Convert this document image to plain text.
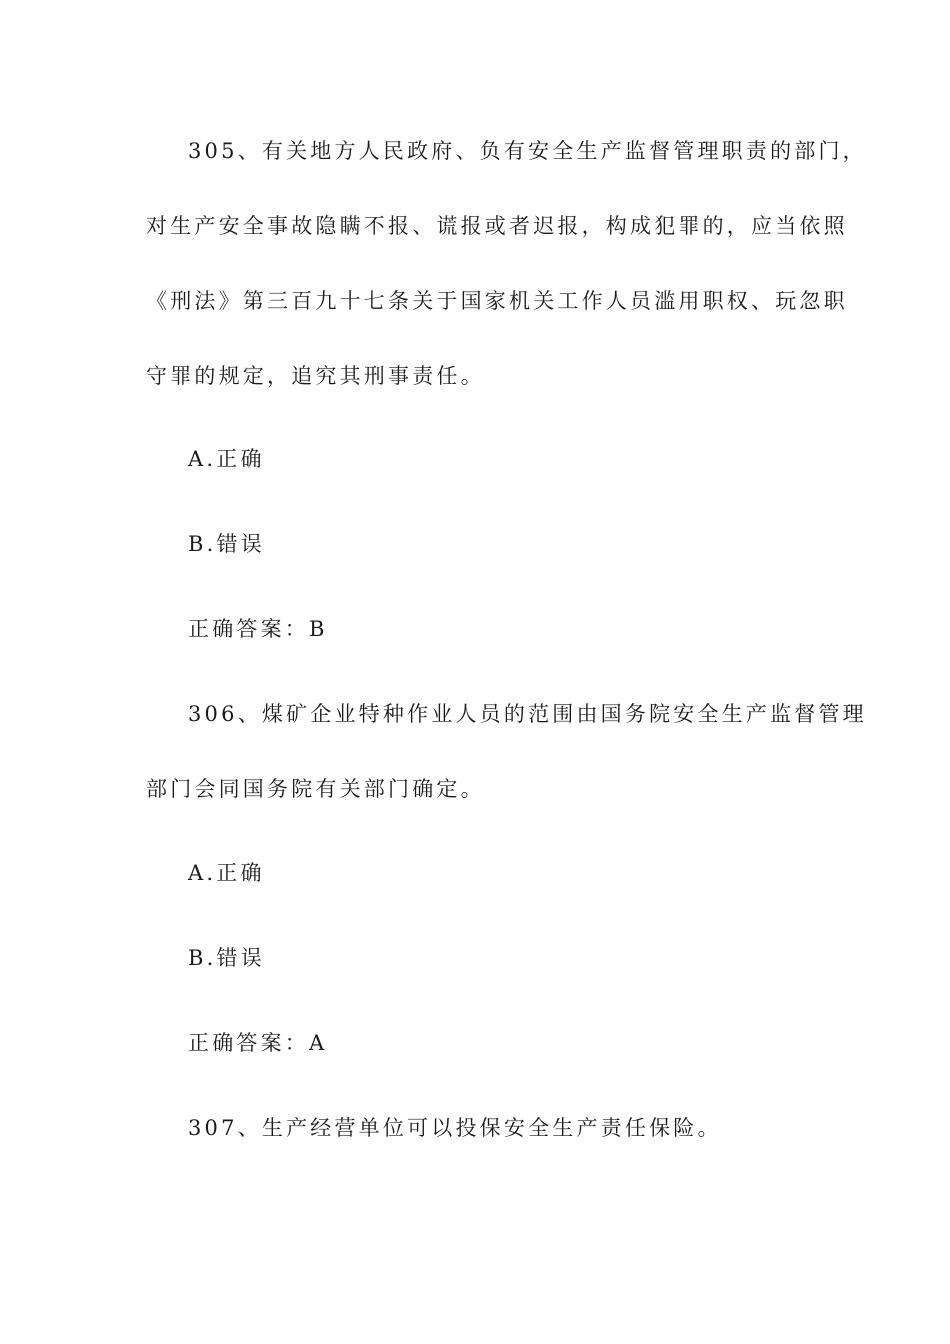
305、有关地方人民政府、负有安全生产监督管理职责的部门，
对生产安全事故隐瞒不报、谎报或者迟报，构成犯罪的，应当依照
《刑法》第三百九十七条关于国家机关工作人员滥用职权、玩忽职
守罪的规定，追究其刑事责任。
A.正确
B.错误
正确答案：B
306、煤矿企业特种作业人员的范围由国务院安全生产监督管理
部门会同国务院有关部门确定。
A.正确
B.错误
正确答案：A
307、生产经营单位可以投保安全生产责任保险。
